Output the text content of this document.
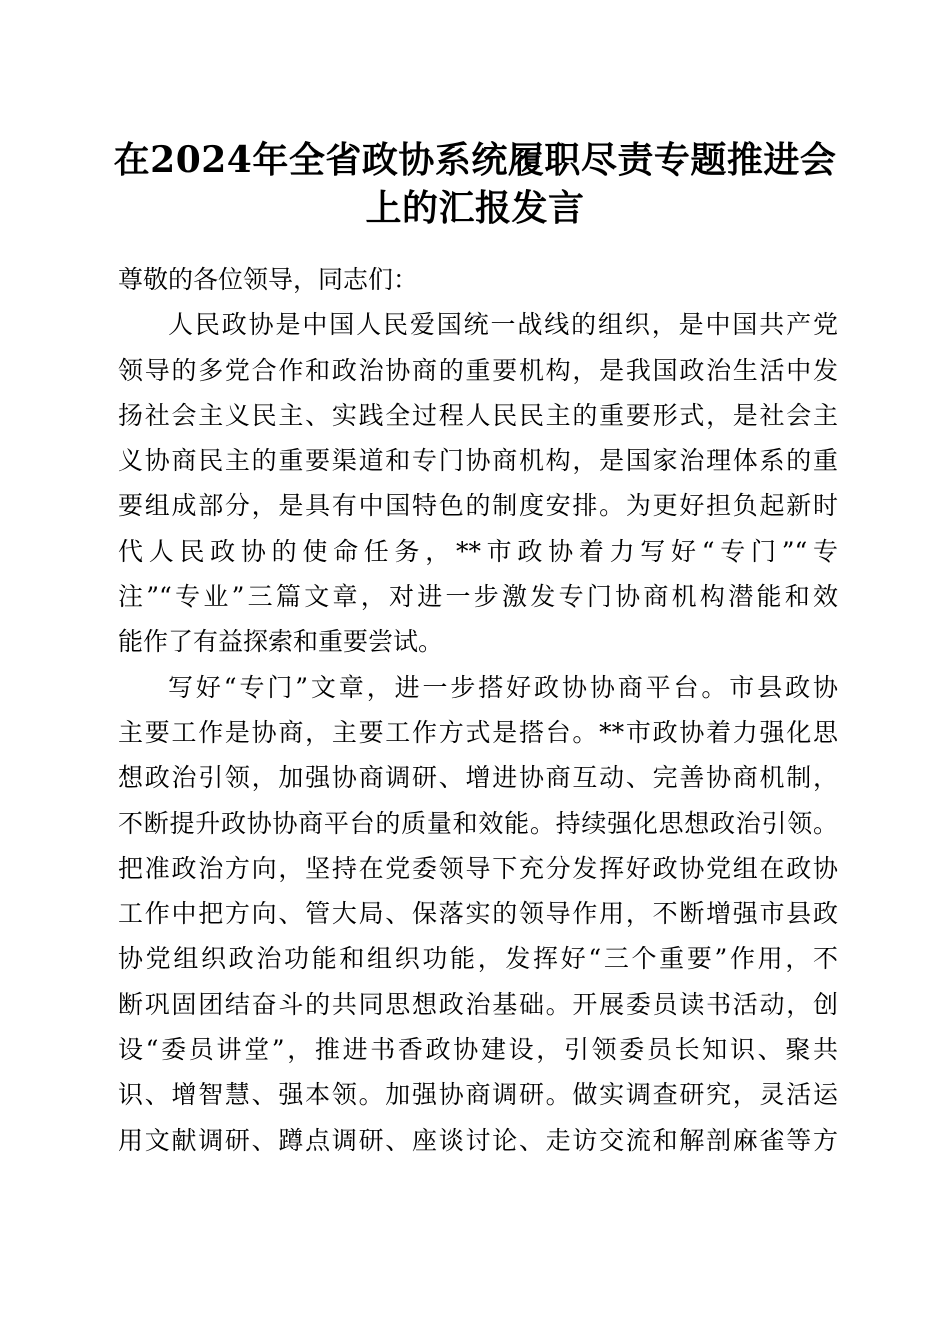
在2024年全省政协系统履职尽责专题推进会
上的汇报发言
尊敬的各位领导，同志们：
人民政协是中国人民爱国统一战线的组织，是中国共产党
领导的多党合作和政治协商的重要机构，是我国政治生活中发
扬社会主义民主、实践全过程人民民主的重要形式，是社会主
义协商民主的重要渠道和专门协商机构，是国家治理体系的重
要组成部分，是具有中国特色的制度安排。为更好担负起新时
代人民政协的使命任务，**市政协着力写好“专门”“专
注”“专业”三篇文章，对进一步激发专门协商机构潜能和效
能作了有益探索和重要尝试。
写好“专门”文章，进一步搭好政协协商平台。市县政协
主要工作是协商，主要工作方式是搭台。**市政协着力强化思
想政治引领，加强协商调研、增进协商互动、完善协商机制，
不断提升政协协商平台的质量和效能。持续强化思想政治引领。
把准政治方向，坚持在党委领导下充分发挥好政协党组在政协
工作中把方向、管大局、保落实的领导作用，不断增强市县政
协党组织政治功能和组织功能，发挥好“三个重要”作用，不
断巩固团结奋斗的共同思想政治基础。开展委员读书活动，创
设“委员讲堂”，推进书香政协建设，引领委员长知识、聚共
识、增智慧、强本领。加强协商调研。做实调查研究，灵活运
用文献调研、蹲点调研、座谈讨论、走访交流和解剖麻雀等方
